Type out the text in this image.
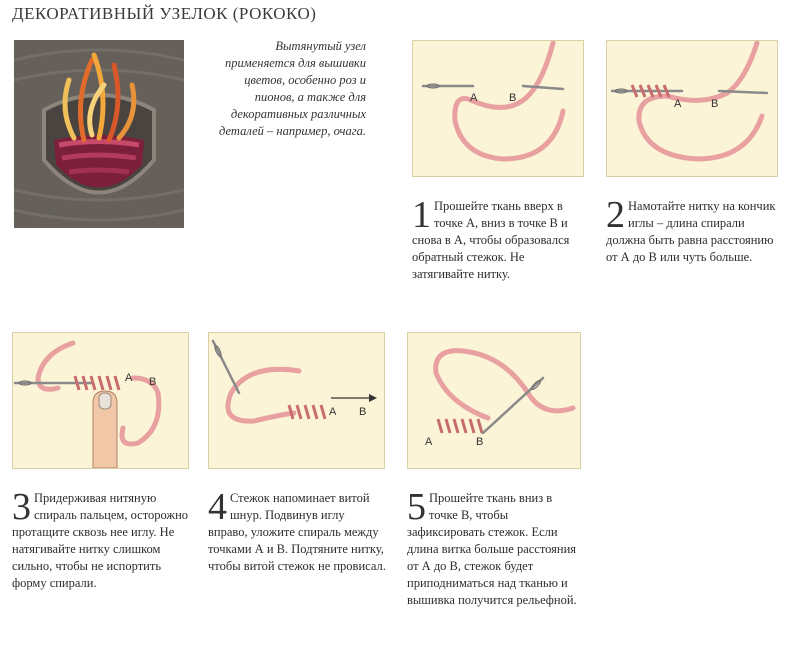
ДЕКОРАТИВНЫЙ УЗЕЛОК (РОКОКО)
Вытянутый узел применяется для вышивки цветов, особенно роз и пионов, а также для декоративных различных деталей – например, очага.
A	B	A	B
A B
A B
A	B
1 Прошейте ткань вверх в точке А, вниз в точке В и снова в А, чтобы образовался обратный стежок. Не затягивайте нитку.
2 Намотайте нитку на кончик иглы – длина спирали должна быть равна расстоянию от А до В или чуть больше.
3 Придерживая нитяную спираль пальцем, осторожно протащите сквозь нее иглу. Не натягивайте нитку слишком сильно, чтобы не испортить форму спирали.
4 Стежок напоминает витой шнур. Подвинув иглу вправо, уложите спираль между точками А и В. Подтяните нитку, чтобы витой стежок не провисал.
5 Прошейте ткань вниз в точке В, чтобы зафиксировать стежок. Если длина витка больше расстояния от А до В, стежок будет приподниматься над тканью и вышивка получится рельефной.
